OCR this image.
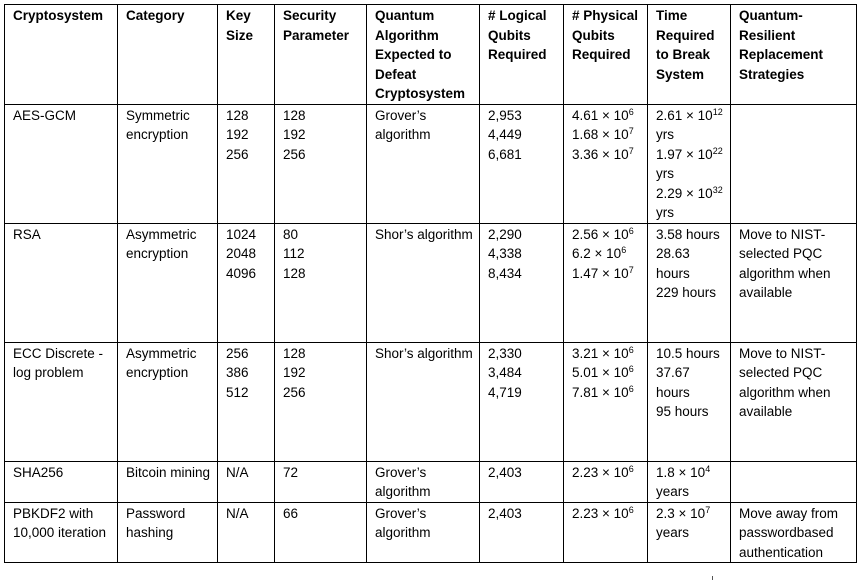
Cryptosystem	Category	Key Size	Security Parameter	Quantum Algorithm Expected to Defeat Cryptosystem	# Logical Qubits Required	# Physical Qubits Required	Time Required to Break System	Quantum-Resilient Replacement Strategies
AES-GCM	Symmetric encryption	128
192
256	128
192
256	Grover’s algorithm	2,953
4,449
6,681	$4.61 \times 10^6$
$1.68 \times 10^7$
$3.36 \times 10^7$	$2.61 \times 10^{12}$ yrs
$1.97 \times 10^{22}$ yrs
$2.29 \times 10^{32}$ yrs	

RSA	Asymmetric encryption	1024
2048
4096	80
112
128	Shor’s algorithm	2,290
4,338
8,434	$2.56 \times 10^6$
$6.2 \times 10^6$
$1.47 \times 10^7$	3.58 hours
28.63 hours
229 hours	Move to NIST-selected PQC algorithm when available
ECC Discrete -log problem	Asymmetric encryption	256
386
512	128
192
256	Shor’s algorithm	2,330
3,484
4,719	$3.21 \times 10^6$
$5.01 \times 10^6$
$7.81 \times 10^6$	10.5 hours
37.67 hours
95 hours	Move to NIST-selected PQC algorithm when available
SHA256	Bitcoin mining	N/A	72	Grover’s algorithm	2,403	$2.23 \times 10^6$	$1.8 \times 10^4$ years	

PBKDF2 with 10,000 iteration	Password hashing	N/A	66	Grover’s algorithm	2,403	$2.23 \times 10^6$	$2.3 \times 10^7$ years	Move away from passwordbased authentication
